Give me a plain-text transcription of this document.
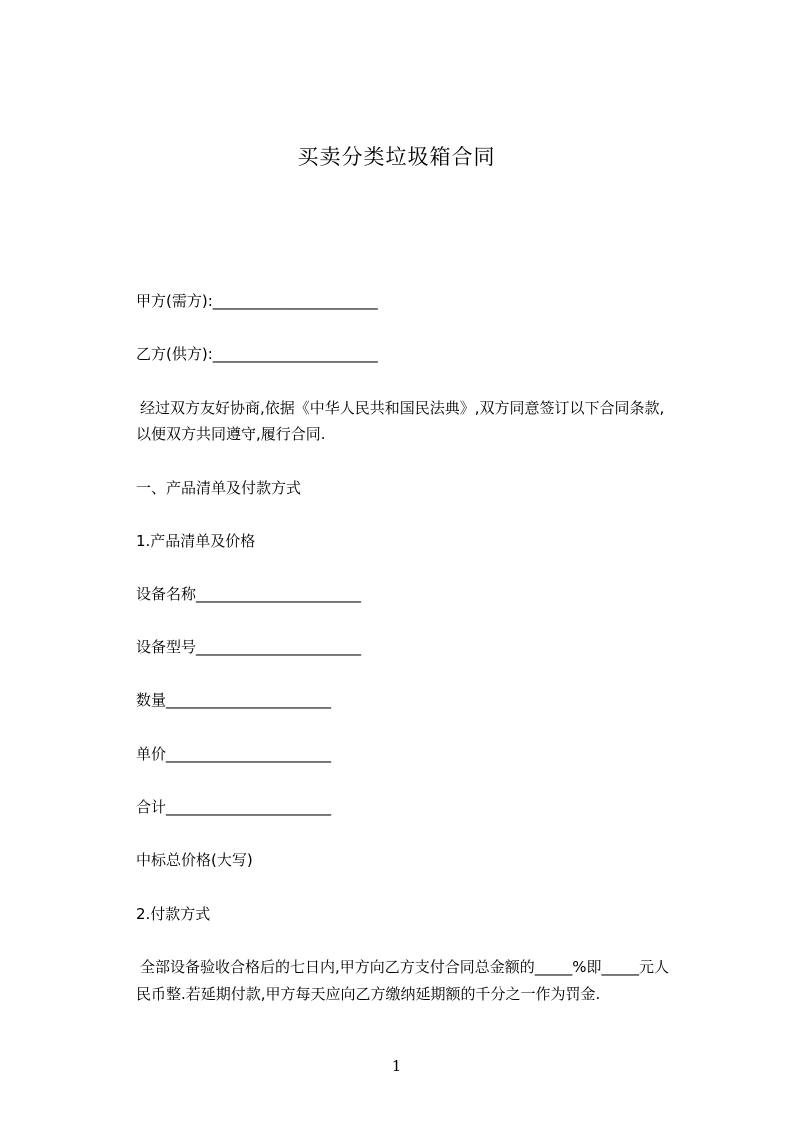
买卖分类垃圾箱合同
甲方(需方):______________________
乙方(供方):______________________
经过双方友好协商,依据《中华人民共和国民法典》,双方同意签订以下合同条款,
以便双方共同遵守,履行合同.
一、产品清单及付款方式
1.产品清单及价格
设备名称______________________
设备型号______________________
数量______________________
单价______________________
合计______________________
中标总价格(大写)
2.付款方式
全部设备验收合格后的七日内,甲方向乙方支付合同总金额的_____%即_____元人
民币整.若延期付款,甲方每天应向乙方缴纳延期额的千分之一作为罚金.
1
